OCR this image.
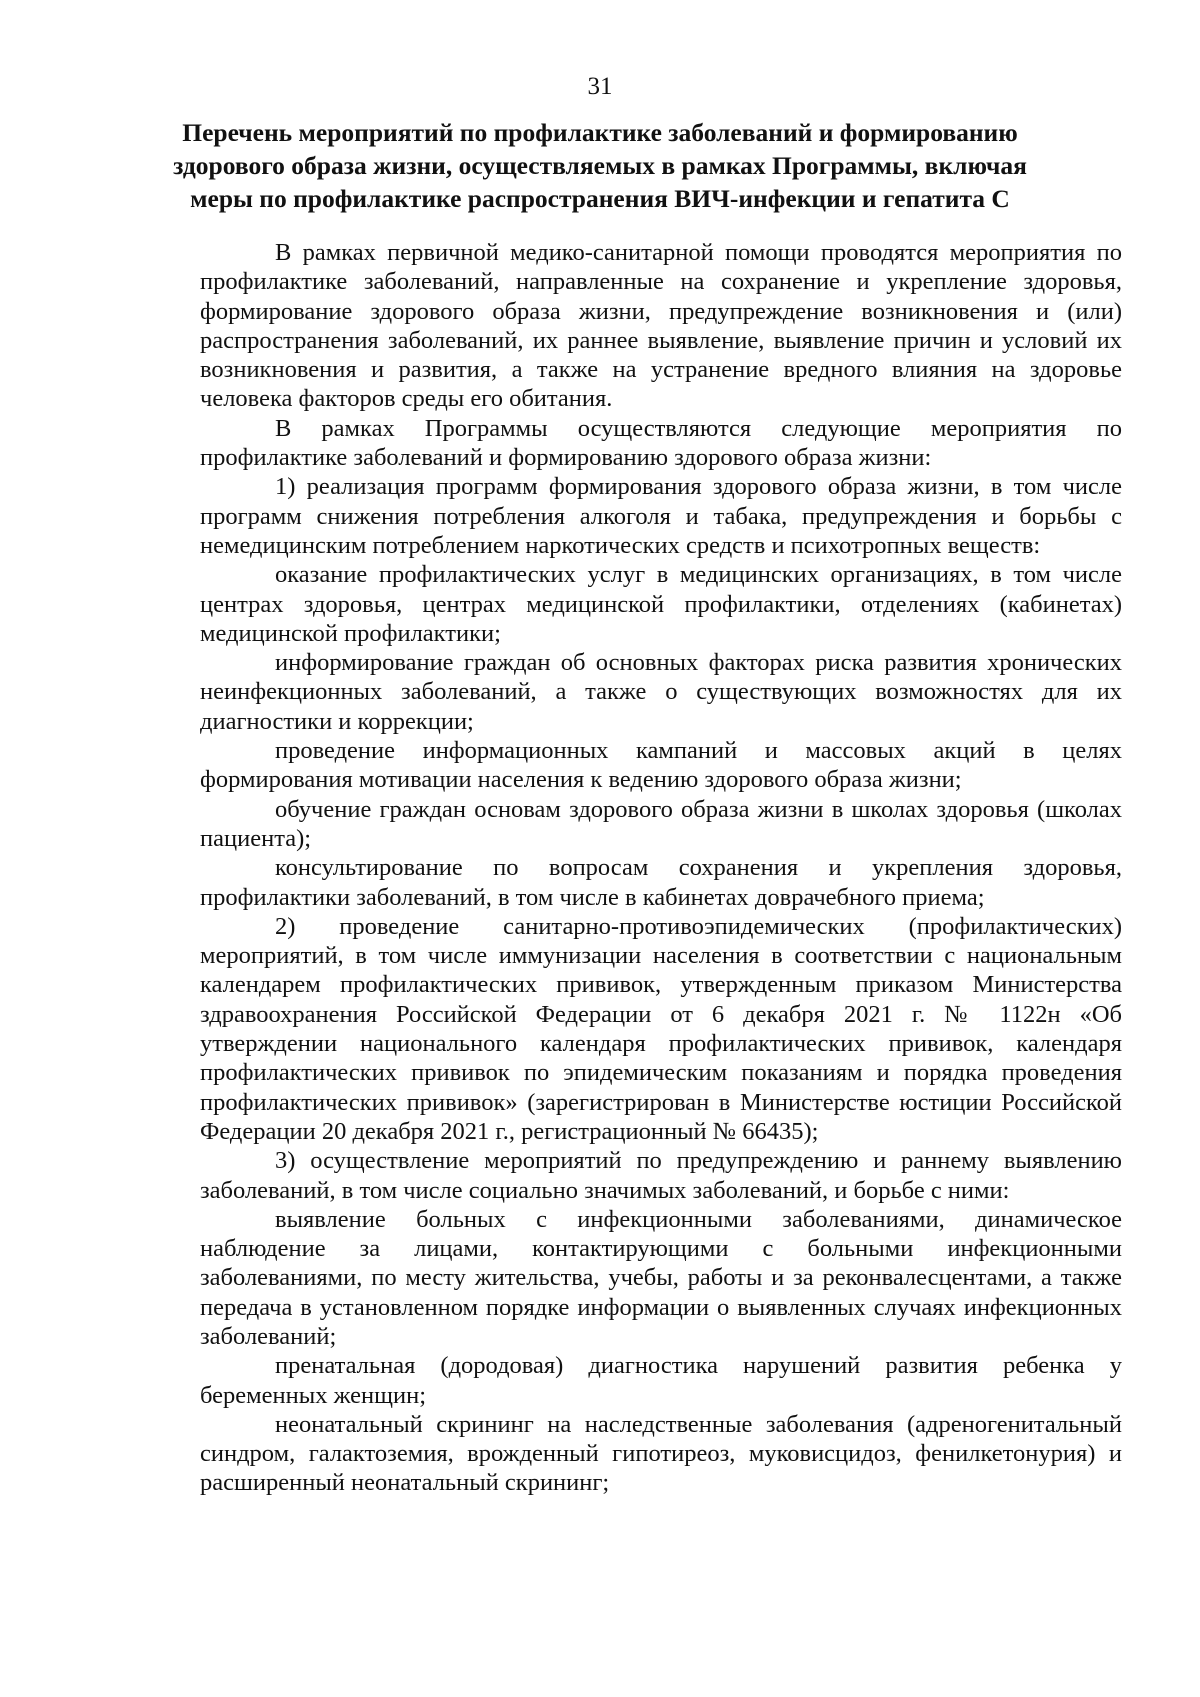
31
Перечень мероприятий по профилактике заболеваний и формированию
здорового образа жизни, осуществляемых в рамках Программы, включая
меры по профилактике распространения ВИЧ-инфекции и гепатита С

В рамках первичной медико-санитарной помощи проводятся мероприятия по профилактике заболеваний, направленные на сохранение и укрепление здоровья, формирование здорового образа жизни, предупреждение возникновения и (или) распространения заболеваний, их раннее выявление, выявление причин и условий их возникновения и развития, а также на устранение вредного влияния на здоровье человека факторов среды его обитания.

В рамках Программы осуществляются следующие мероприятия по профилактике заболеваний и формированию здорового образа жизни:

1) реализация программ формирования здорового образа жизни, в том числе программ снижения потребления алкоголя и табака, предупреждения и борьбы с немедицинским потреблением наркотических средств и психотропных веществ:

оказание профилактических услуг в медицинских организациях, в том числе центрах здоровья, центрах медицинской профилактики, отделениях (кабинетах) медицинской профилактики;

информирование граждан об основных факторах риска развития хронических неинфекционных заболеваний, а также о существующих возможностях для их диагностики и коррекции;

проведение информационных кампаний и массовых акций в целях формирования мотивации населения к ведению здорового образа жизни;

обучение граждан основам здорового образа жизни в школах здоровья (школах пациента);

консультирование по вопросам сохранения и укрепления здоровья, профилактики заболеваний, в том числе в кабинетах доврачебного приема;

2) проведение санитарно-противоэпидемических (профилактических) мероприятий, в том числе иммунизации населения в соответствии с национальным календарем профилактических прививок, утвержденным приказом Министерства здравоохранения Российской Федерации от 6 декабря 2021 г. № 1122н «Об утверждении национального календаря профилактических прививок, календаря профилактических прививок по эпидемическим показаниям и порядка проведения профилактических прививок» (зарегистрирован в Министерстве юстиции Российской Федерации 20 декабря 2021 г., регистрационный № 66435);

3) осуществление мероприятий по предупреждению и раннему выявлению заболеваний, в том числе социально значимых заболеваний, и борьбе с ними:

выявление больных с инфекционными заболеваниями, динамическое наблюдение за лицами, контактирующими с больными инфекционными заболеваниями, по месту жительства, учебы, работы и за реконвалесцентами, а также передача в установленном порядке информации о выявленных случаях инфекционных заболеваний;

пренатальная (дородовая) диагностика нарушений развития ребенка у беременных женщин;

неонатальный скрининг на наследственные заболевания (адреногенитальный синдром, галактоземия, врожденный гипотиреоз, муковисцидоз, фенилкетонурия) и расширенный неонатальный скрининг;
